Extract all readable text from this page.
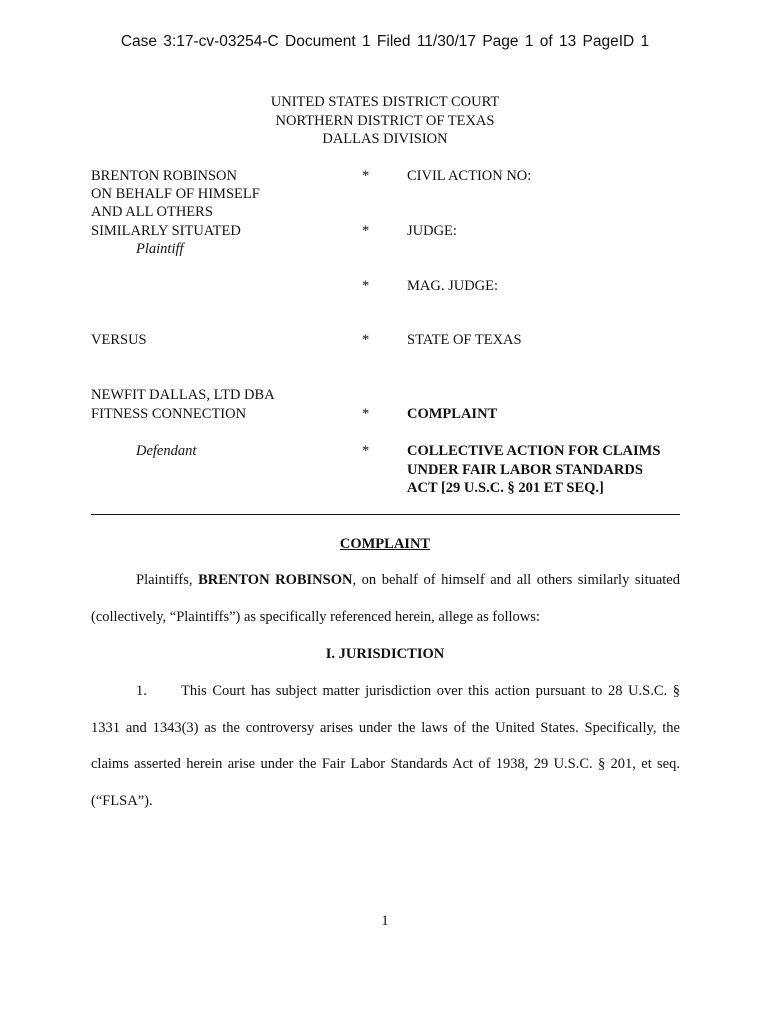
Case 3:17-cv-03254-C Document 1 Filed 11/30/17 Page 1 of 13 PageID 1
UNITED STATES DISTRICT COURT
NORTHERN DISTRICT OF TEXAS
DALLAS DIVISION
BRENTON ROBINSON
ON BEHALF OF HIMSELF
AND ALL OTHERS
SIMILARLY SITUATED
Plaintiff
VERSUS
NEWFIT DALLAS, LTD DBA
FITNESS CONNECTION
Defendant
*
*
*
*
*
*
CIVIL ACTION NO:
JUDGE:
MAG. JUDGE:
STATE OF TEXAS
COMPLAINT
COLLECTIVE ACTION FOR CLAIMS
UNDER FAIR LABOR STANDARDS
ACT [29 U.S.C. § 201 ET SEQ.]
COMPLAINT
Plaintiffs, BRENTON ROBINSON, on behalf of himself and all others similarly situated
(collectively, “Plaintiffs”) as specifically referenced herein, allege as follows:
I. JURISDICTION
1. This Court has subject matter jurisdiction over this action pursuant to 28 U.S.C. §
1331 and 1343(3) as the controversy arises under the laws of the United States. Specifically, the
claims asserted herein arise under the Fair Labor Standards Act of 1938, 29 U.S.C. § 201, et seq.
(“FLSA”).
1
